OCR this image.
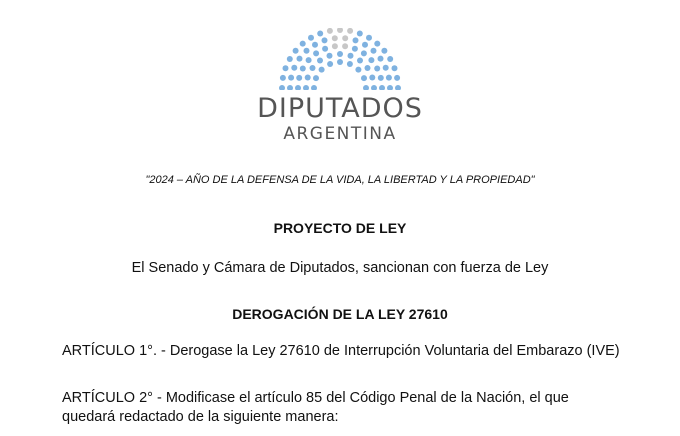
DIPUTADOS
ARGENTINA
"2024 – AÑO DE LA DEFENSA DE LA VIDA, LA LIBERTAD Y LA PROPIEDAD"
PROYECTO DE LEY
El Senado y Cámara de Diputados, sancionan con fuerza de Ley
DEROGACIÓN DE LA LEY 27610
ARTÍCULO 1°. - Derogase la Ley 27610 de Interrupción Voluntaria del Embarazo (IVE)
ARTÍCULO 2° - Modificase el artículo 85 del Código Penal de la Nación, el que quedará redactado de la siguiente manera:
